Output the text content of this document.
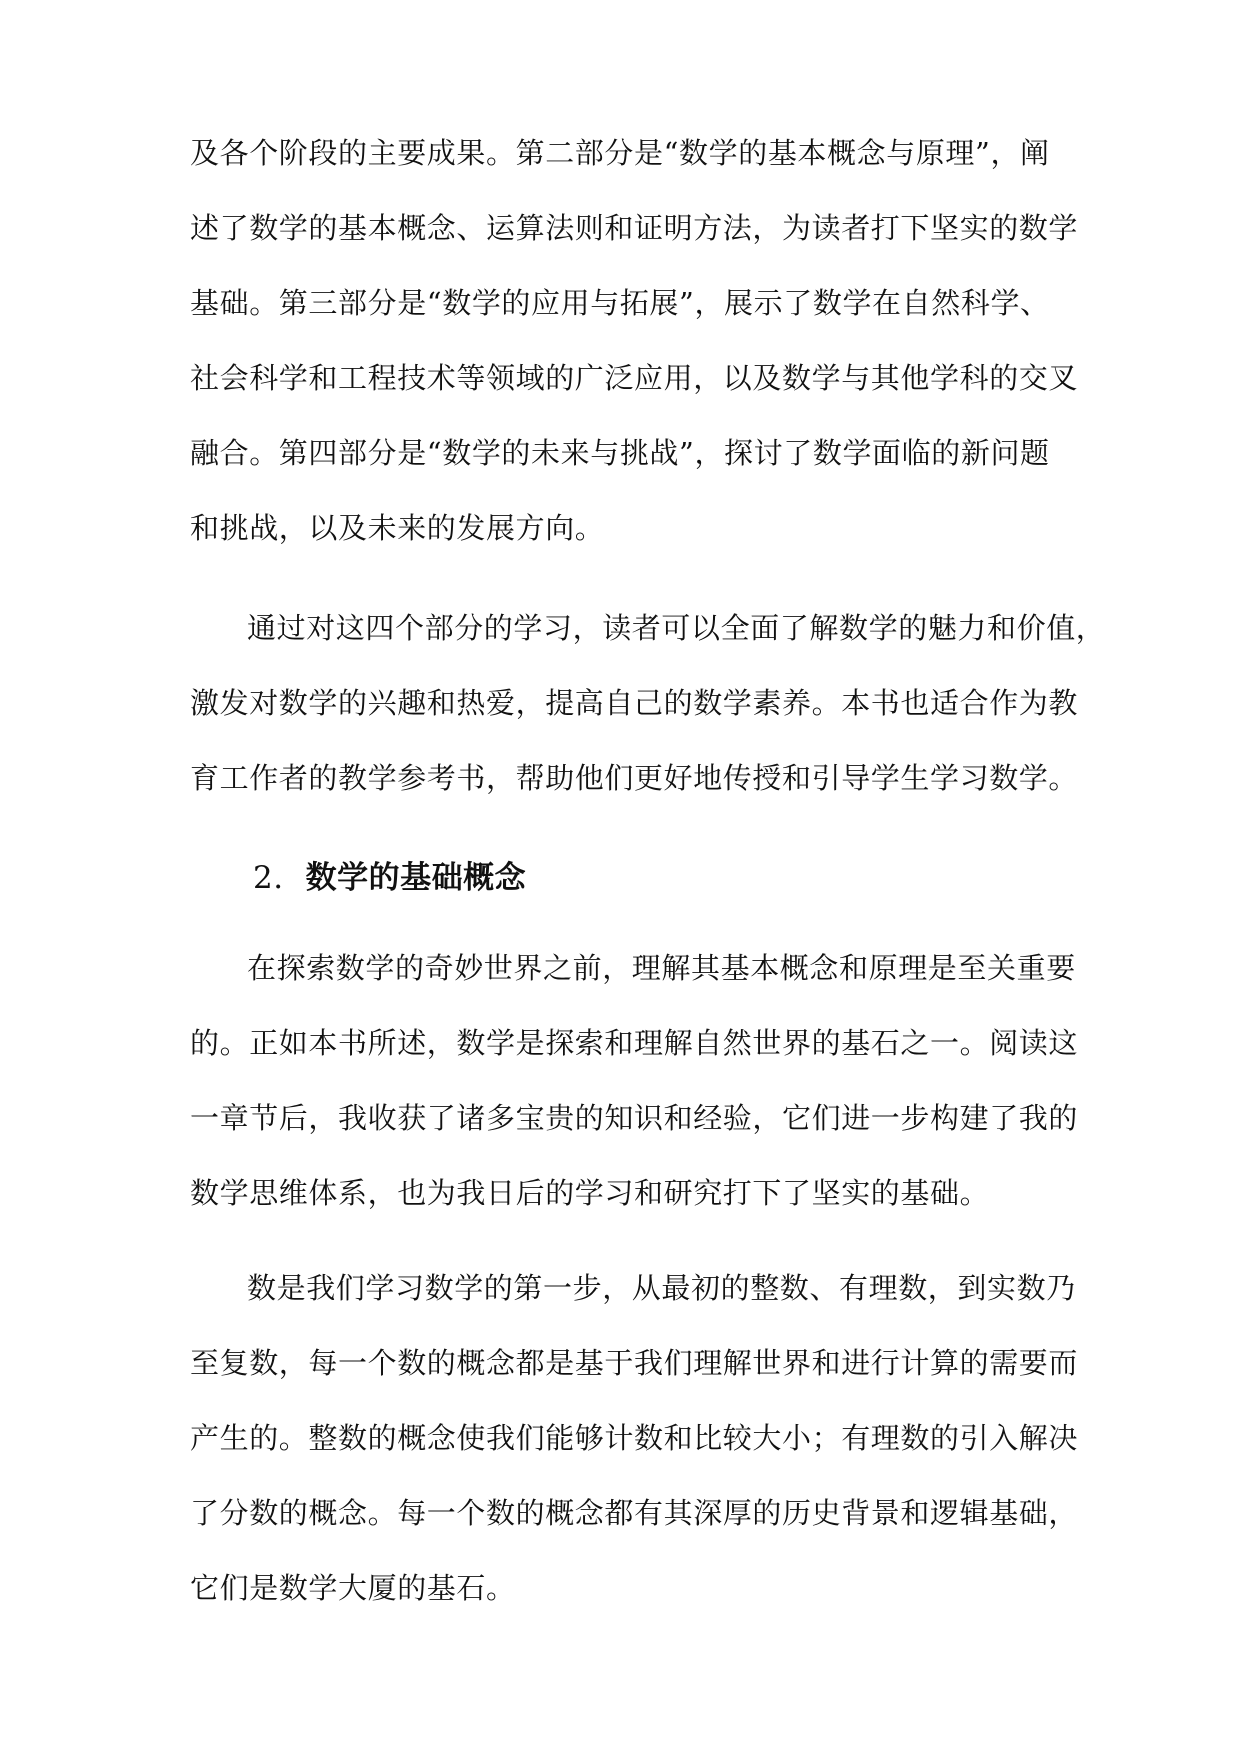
及各个阶段的主要成果。第二部分是“数学的基本概念与原理”，阐
述了数学的基本概念、运算法则和证明方法，为读者打下坚实的数学
基础。第三部分是“数学的应用与拓展”，展示了数学在自然科学、
社会科学和工程技术等领域的广泛应用，以及数学与其他学科的交叉
融合。第四部分是“数学的未来与挑战”，探讨了数学面临的新问题
和挑战，以及未来的发展方向。
通过对这四个部分的学习，读者可以全面了解数学的魅力和价值，
激发对数学的兴趣和热爱，提高自己的数学素养。本书也适合作为教
育工作者的教学参考书，帮助他们更好地传授和引导学生学习数学。
2. 数学的基础概念
在探索数学的奇妙世界之前，理解其基本概念和原理是至关重要
的。正如本书所述，数学是探索和理解自然世界的基石之一。阅读这
一章节后，我收获了诸多宝贵的知识和经验，它们进一步构建了我的
数学思维体系，也为我日后的学习和研究打下了坚实的基础。
数是我们学习数学的第一步，从最初的整数、有理数，到实数乃
至复数，每一个数的概念都是基于我们理解世界和进行计算的需要而
产生的。整数的概念使我们能够计数和比较大小；有理数的引入解决
了分数的概念。每一个数的概念都有其深厚的历史背景和逻辑基础，
它们是数学大厦的基石。
